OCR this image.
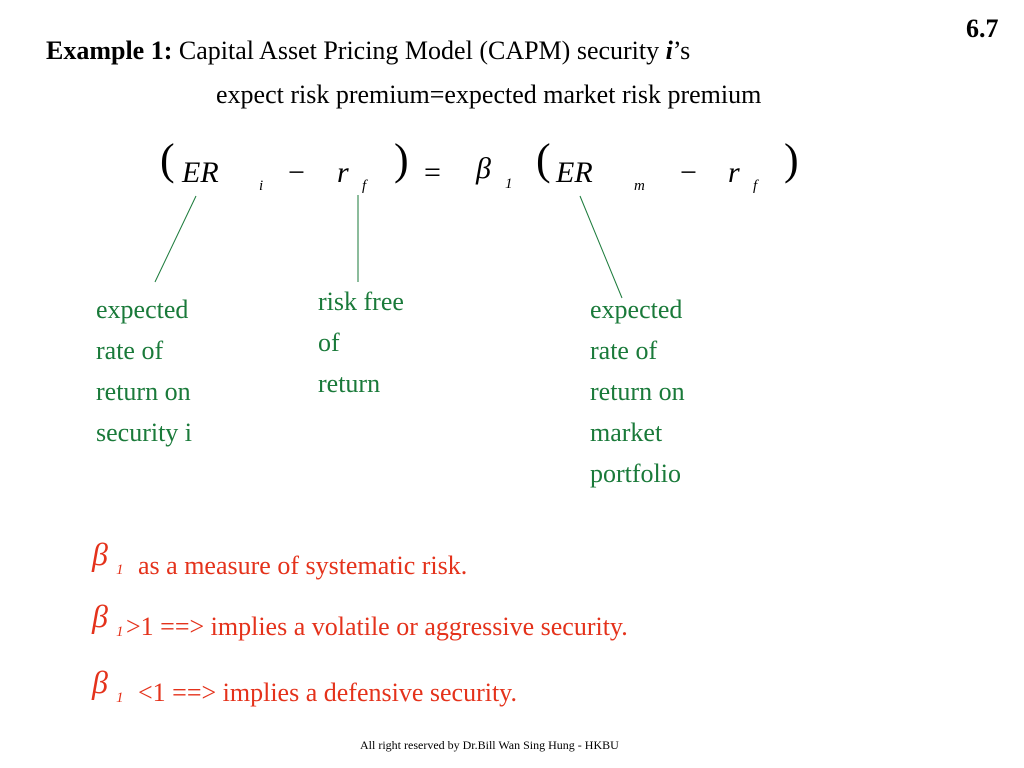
6.7
Example 1: Capital Asset Pricing Model (CAPM) security i’s
expect risk premium=expected market risk premium
( ER	i − r f
) = β 1 ( ER	m − r f
)
expected
rate of
return on
security i
risk free
of
return
expected
rate of
return on
market
portfolio
β 1 as a measure of systematic risk.
β 1 >1 ==> implies a volatile or aggressive security.
β 1 <1 ==> implies a defensive security.
All right reserved by Dr.Bill Wan Sing Hung - HKBU
